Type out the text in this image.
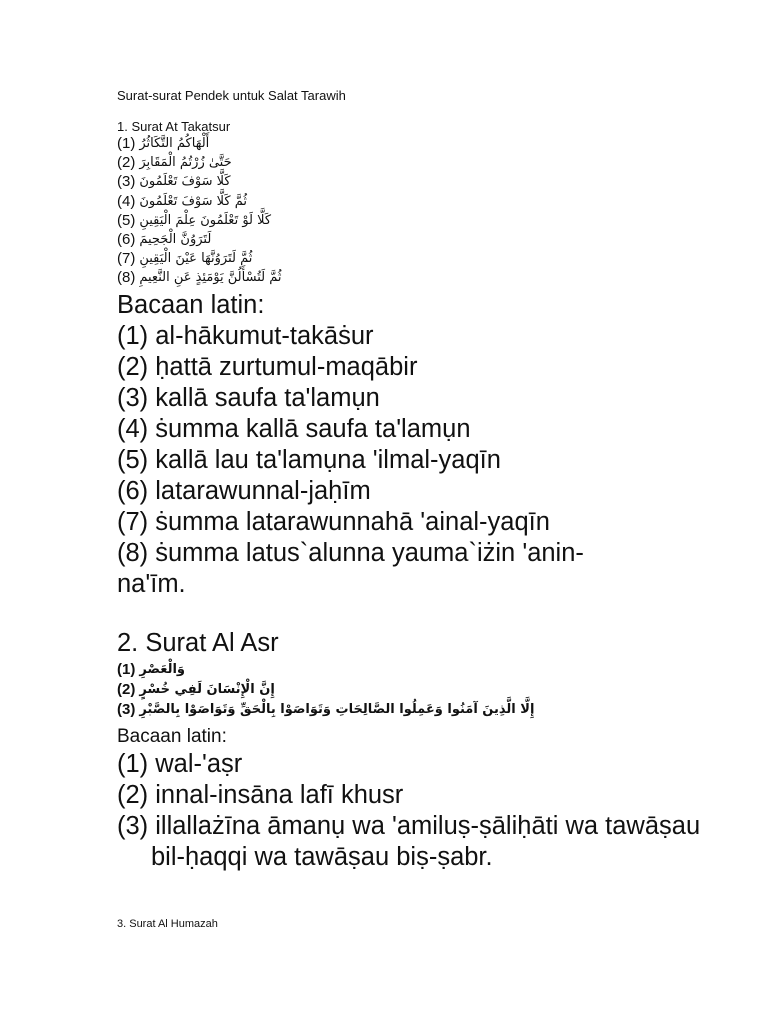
Surat-surat Pendek untuk Salat Tarawih
1. Surat At Takatsur
(1) أَلْهَاكُمُ التَّكَاثُرُ
(2) حَتَّىٰ زُرْتُمُ الْمَقَابِرَ
(3) كَلَّا سَوْفَ تَعْلَمُونَ
(4) ثُمَّ كَلَّا سَوْفَ تَعْلَمُونَ
(5) كَلَّا لَوْ تَعْلَمُونَ عِلْمَ الْيَقِينِ
(6) لَتَرَوُنَّ الْجَحِيمَ
(7) ثُمَّ لَتَرَوُنَّهَا عَيْنَ الْيَقِينِ
(8) ثُمَّ لَتُسْأَلُنَّ يَوْمَئِذٍ عَنِ النَّعِيمِ
Bacaan latin:
(1) al-hākumut-takāṡur
(2) ḥattā zurtumul-maqābir
(3) kallā saufa ta'lamụn
(4) ṡumma kallā saufa ta'lamụn
(5) kallā lau ta'lamụna 'ilmal-yaqīn
(6) latarawunnal-jaḥīm
(7) ṡumma latarawunnahā 'ainal-yaqīn
(8) ṡumma latus`alunna yauma`iżin 'anin-na'īm.
2. Surat Al Asr
(1) وَالْعَصْرِ
(2) إِنَّ الْإِنْسَانَ لَفِي خُسْرٍ
(3) إِلَّا الَّذِينَ آمَنُوا وَعَمِلُوا الصَّالِحَاتِ وَتَوَاصَوْا بِالْحَقِّ وَتَوَاصَوْا بِالصَّبْرِ
Bacaan latin:
(1) wal-'aṣr
(2) innal-insāna lafī khusr
(3) illallażīna āmanụ wa 'amiluṣ-ṣāliḥāti wa tawāṣau bil-ḥaqqi wa tawāṣau biṣ-ṣabr.
3. Surat Al Humazah
